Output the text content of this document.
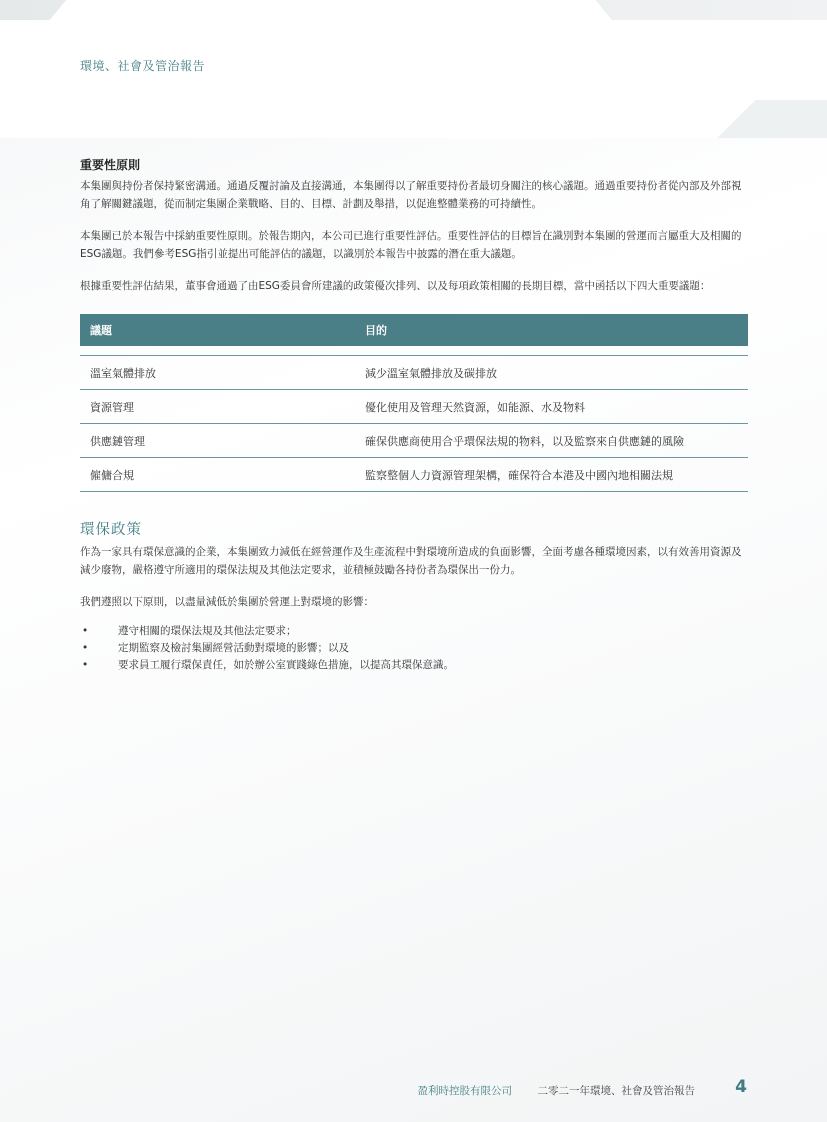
環境、社會及管治報告
重要性原則

本集團與持份者保持緊密溝通。通過反覆討論及直接溝通，本集團得以了解重要持份者最切身關注的核心議題。通過重要持份者從內部及外部視角了解關鍵議題，從而制定集團企業戰略、目的、目標、計劃及舉措，以促進整體業務的可持續性。

本集團已於本報告中採納重要性原則。於報告期內，本公司已進行重要性評估。重要性評估的目標旨在識別對本集團的營運而言屬重大及相關的ESG議題。我們參考ESG指引並提出可能評估的議題，以識別於本報告中披露的潛在重大議題。

根據重要性評估結果，董事會通過了由ESG委員會所建議的政策優次排列、以及每項政策相關的長期目標，當中函括以下四大重要議題：

議題	目的

溫室氣體排放	減少溫室氣體排放及碳排放
資源管理	優化使用及管理天然資源，如能源、水及物料
供應鏈管理	確保供應商使用合乎環保法規的物料，以及監察來自供應鏈的風險
僱傭合規	監察整個人力資源管理架構，確保符合本港及中國內地相關法規
環保政策

作為一家具有環保意識的企業，本集團致力減低在經營運作及生產流程中對環境所造成的負面影響，全面考慮各種環境因素，以有效善用資源及減少廢物，嚴格遵守所適用的環保法規及其他法定要求，並積極鼓勵各持份者為環保出一份力。

我們遵照以下原則，以盡量減低於集團於營運上對環境的影響：

•	遵守相關的環保法規及其他法定要求；
•	定期監察及檢討集團經營活動對環境的影響；以及
•	要求員工履行環保責任，如於辦公室實踐綠色措施，以提高其環保意識。
盈利時控股有限公司 二零二一年環境、社會及管治報告 4
